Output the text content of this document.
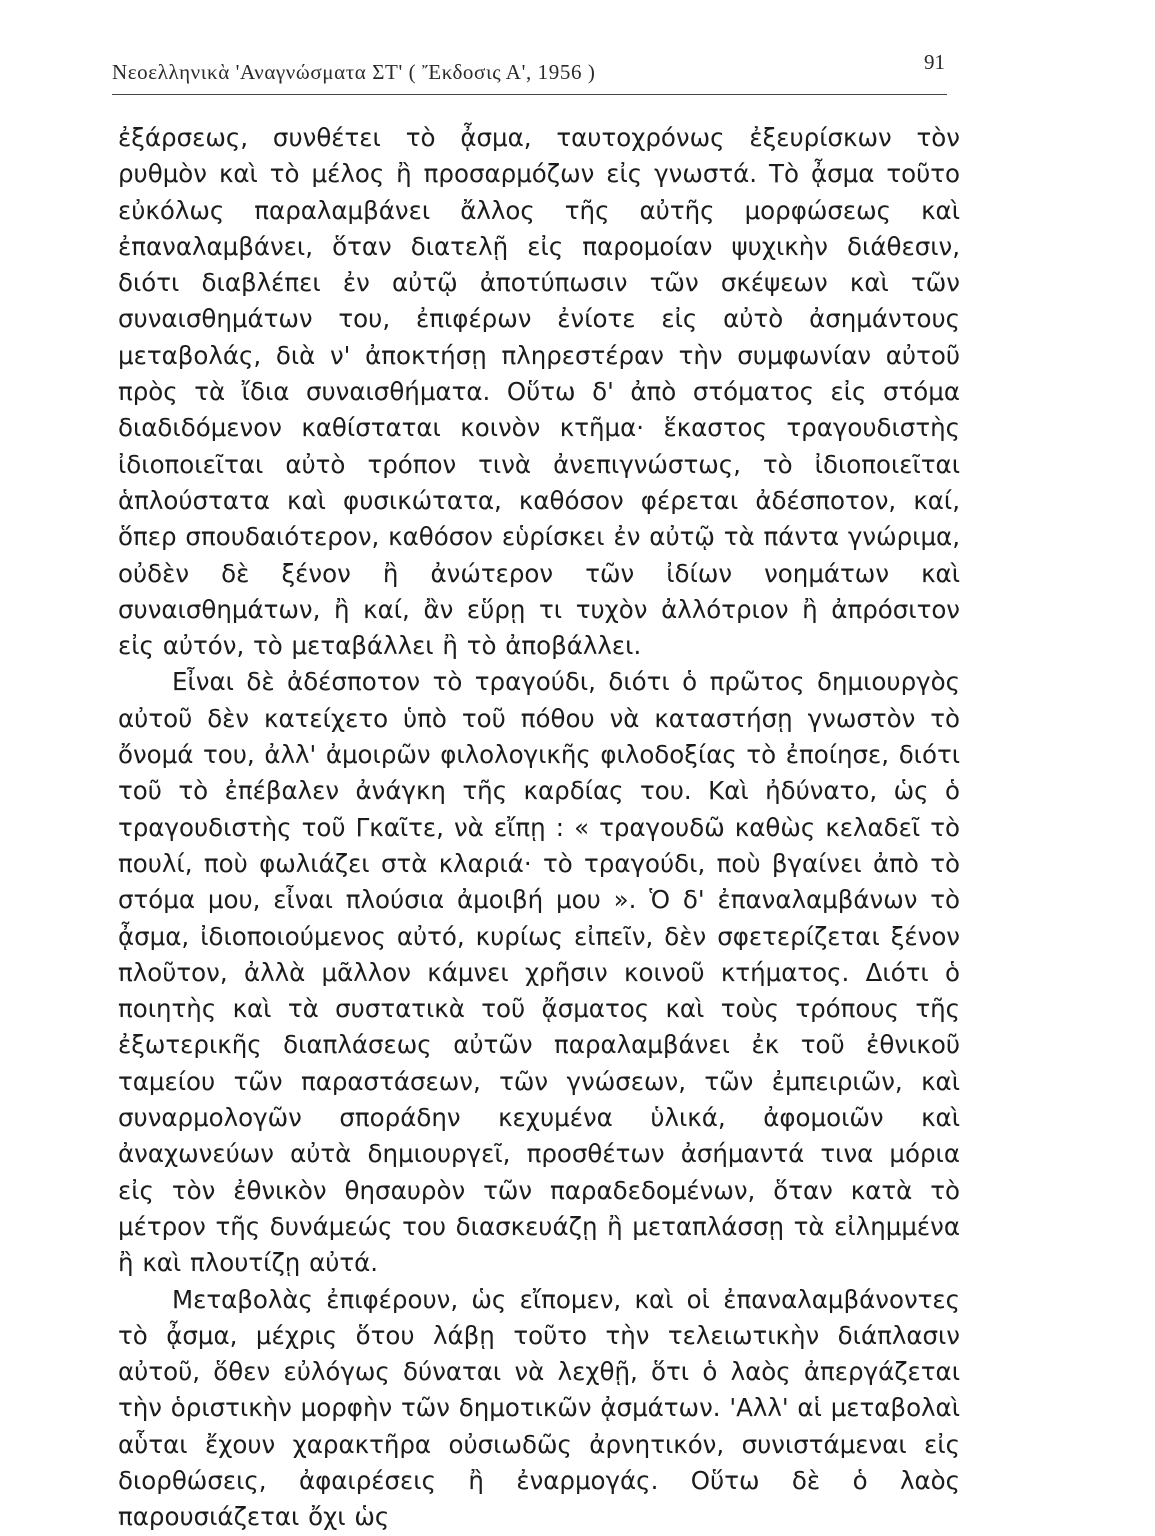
Νεοελληνικὰ 'Αναγνώσματα ΣΤ' ( Ἔκδοσις Α', 1956 )	91

ἐξάρσεως, συνθέτει τὸ ᾆσμα, ταυτοχρόνως ἐξευρίσκων τὸν ρυθμὸν καὶ τὸ μέλος ἢ προσαρμόζων εἰς γνωστά. Τὸ ᾆσμα τοῦτο εὐκόλως παραλαμβάνει ἄλλος τῆς αὐτῆς μορφώσεως καὶ ἐπαναλαμβάνει, ὅταν διατελῇ εἰς παρομοίαν ψυχικὴν διάθεσιν, διότι διαβλέπει ἐν αὐτῷ ἀποτύπωσιν τῶν σκέψεων καὶ τῶν συναισθημάτων του, ἐπιφέρων ἐνίοτε εἰς αὐτὸ ἀσημάντους μεταβολάς, διὰ ν' ἀποκτήσῃ πληρεστέραν τὴν συμφωνίαν αὐτοῦ πρὸς τὰ ἴδια συναισθήματα. Οὕτω δ' ἀπὸ στόματος εἰς στόμα διαδιδόμενον καθίσταται κοινὸν κτῆμα· ἕκαστος τραγουδιστὴς ἰδιοποιεῖται αὐτὸ τρόπον τινὰ ἀνεπιγνώστως, τὸ ἰδιοποιεῖται ἁπλούστατα καὶ φυσικώτατα, καθόσον φέρεται ἀδέσποτον, καί, ὅπερ σπουδαιότερον, καθόσον εὑρίσκει ἐν αὐτῷ τὰ πάντα γνώριμα, οὐδὲν δὲ ξένον ἢ ἀνώτερον τῶν ἰδίων νοημάτων καὶ συναισθημάτων, ἢ καί, ἂν εὕρῃ τι τυχὸν ἀλλότριον ἢ ἀπρόσιτον εἰς αὐτόν, τὸ μεταβάλλει ἢ τὸ ἀποβάλλει.

Εἶναι δὲ ἀδέσποτον τὸ τραγούδι, διότι ὁ πρῶτος δημιουργὸς αὐτοῦ δὲν κατείχετο ὑπὸ τοῦ πόθου νὰ καταστήσῃ γνωστὸν τὸ ὄνομά του, ἀλλ' ἀμοιρῶν φιλολογικῆς φιλοδοξίας τὸ ἐποίησε, διότι τοῦ τὸ ἐπέβαλεν ἀνάγκη τῆς καρδίας του. Καὶ ἠδύνατο, ὡς ὁ τραγουδιστὴς τοῦ Γκαῖτε, νὰ εἴπῃ : « τραγουδῶ καθὼς κελαδεῖ τὸ πουλί, ποὺ φωλιάζει στὰ κλαριά· τὸ τραγούδι, ποὺ βγαίνει ἀπὸ τὸ στόμα μου, εἶναι πλούσια ἀμοιβή μου ». Ὁ δ' ἐπαναλαμβάνων τὸ ᾆσμα, ἰδιοποιούμενος αὐτό, κυρίως εἰπεῖν, δὲν σφετερίζεται ξένον πλοῦτον, ἀλλὰ μᾶλλον κάμνει χρῆσιν κοινοῦ κτήματος. Διότι ὁ ποιητὴς καὶ τὰ συστατικὰ τοῦ ᾄσματος καὶ τοὺς τρόπους τῆς ἐξωτερικῆς διαπλάσεως αὐτῶν παραλαμβάνει ἐκ τοῦ ἐθνικοῦ ταμείου τῶν παραστάσεων, τῶν γνώσεων, τῶν ἐμπειριῶν, καὶ συναρμολογῶν σποράδην κεχυμένα ὑλικά, ἀφομοιῶν καὶ ἀναχωνεύων αὐτὰ δημιουργεῖ, προσθέτων ἀσήμαντά τινα μόρια εἰς τὸν ἐθνικὸν θησαυρὸν τῶν παραδεδομένων, ὅταν κατὰ τὸ μέτρον τῆς δυνάμεώς του διασκευάζῃ ἢ μεταπλάσσῃ τὰ εἰλημμένα ἢ καὶ πλουτίζῃ αὐτά.

Μεταβολὰς ἐπιφέρουν, ὡς εἴπομεν, καὶ οἱ ἐπαναλαμβάνοντες τὸ ᾆσμα, μέχρις ὅτου λάβῃ τοῦτο τὴν τελειωτικὴν διάπλασιν αὐτοῦ, ὅθεν εὐλόγως δύναται νὰ λεχθῇ, ὅτι ὁ λαὸς ἀπεργάζεται τὴν ὁριστικὴν μορφὴν τῶν δημοτικῶν ᾀσμάτων. 'Αλλ' αἱ μεταβολαὶ αὗται ἔχουν χαρακτῆρα οὐσιωδῶς ἀρνητικόν, συνιστάμεναι εἰς διορθώσεις, ἀφαιρέσεις ἢ ἐναρμογάς. Οὕτω δὲ ὁ λαὸς παρουσιάζεται ὄχι ὡς
